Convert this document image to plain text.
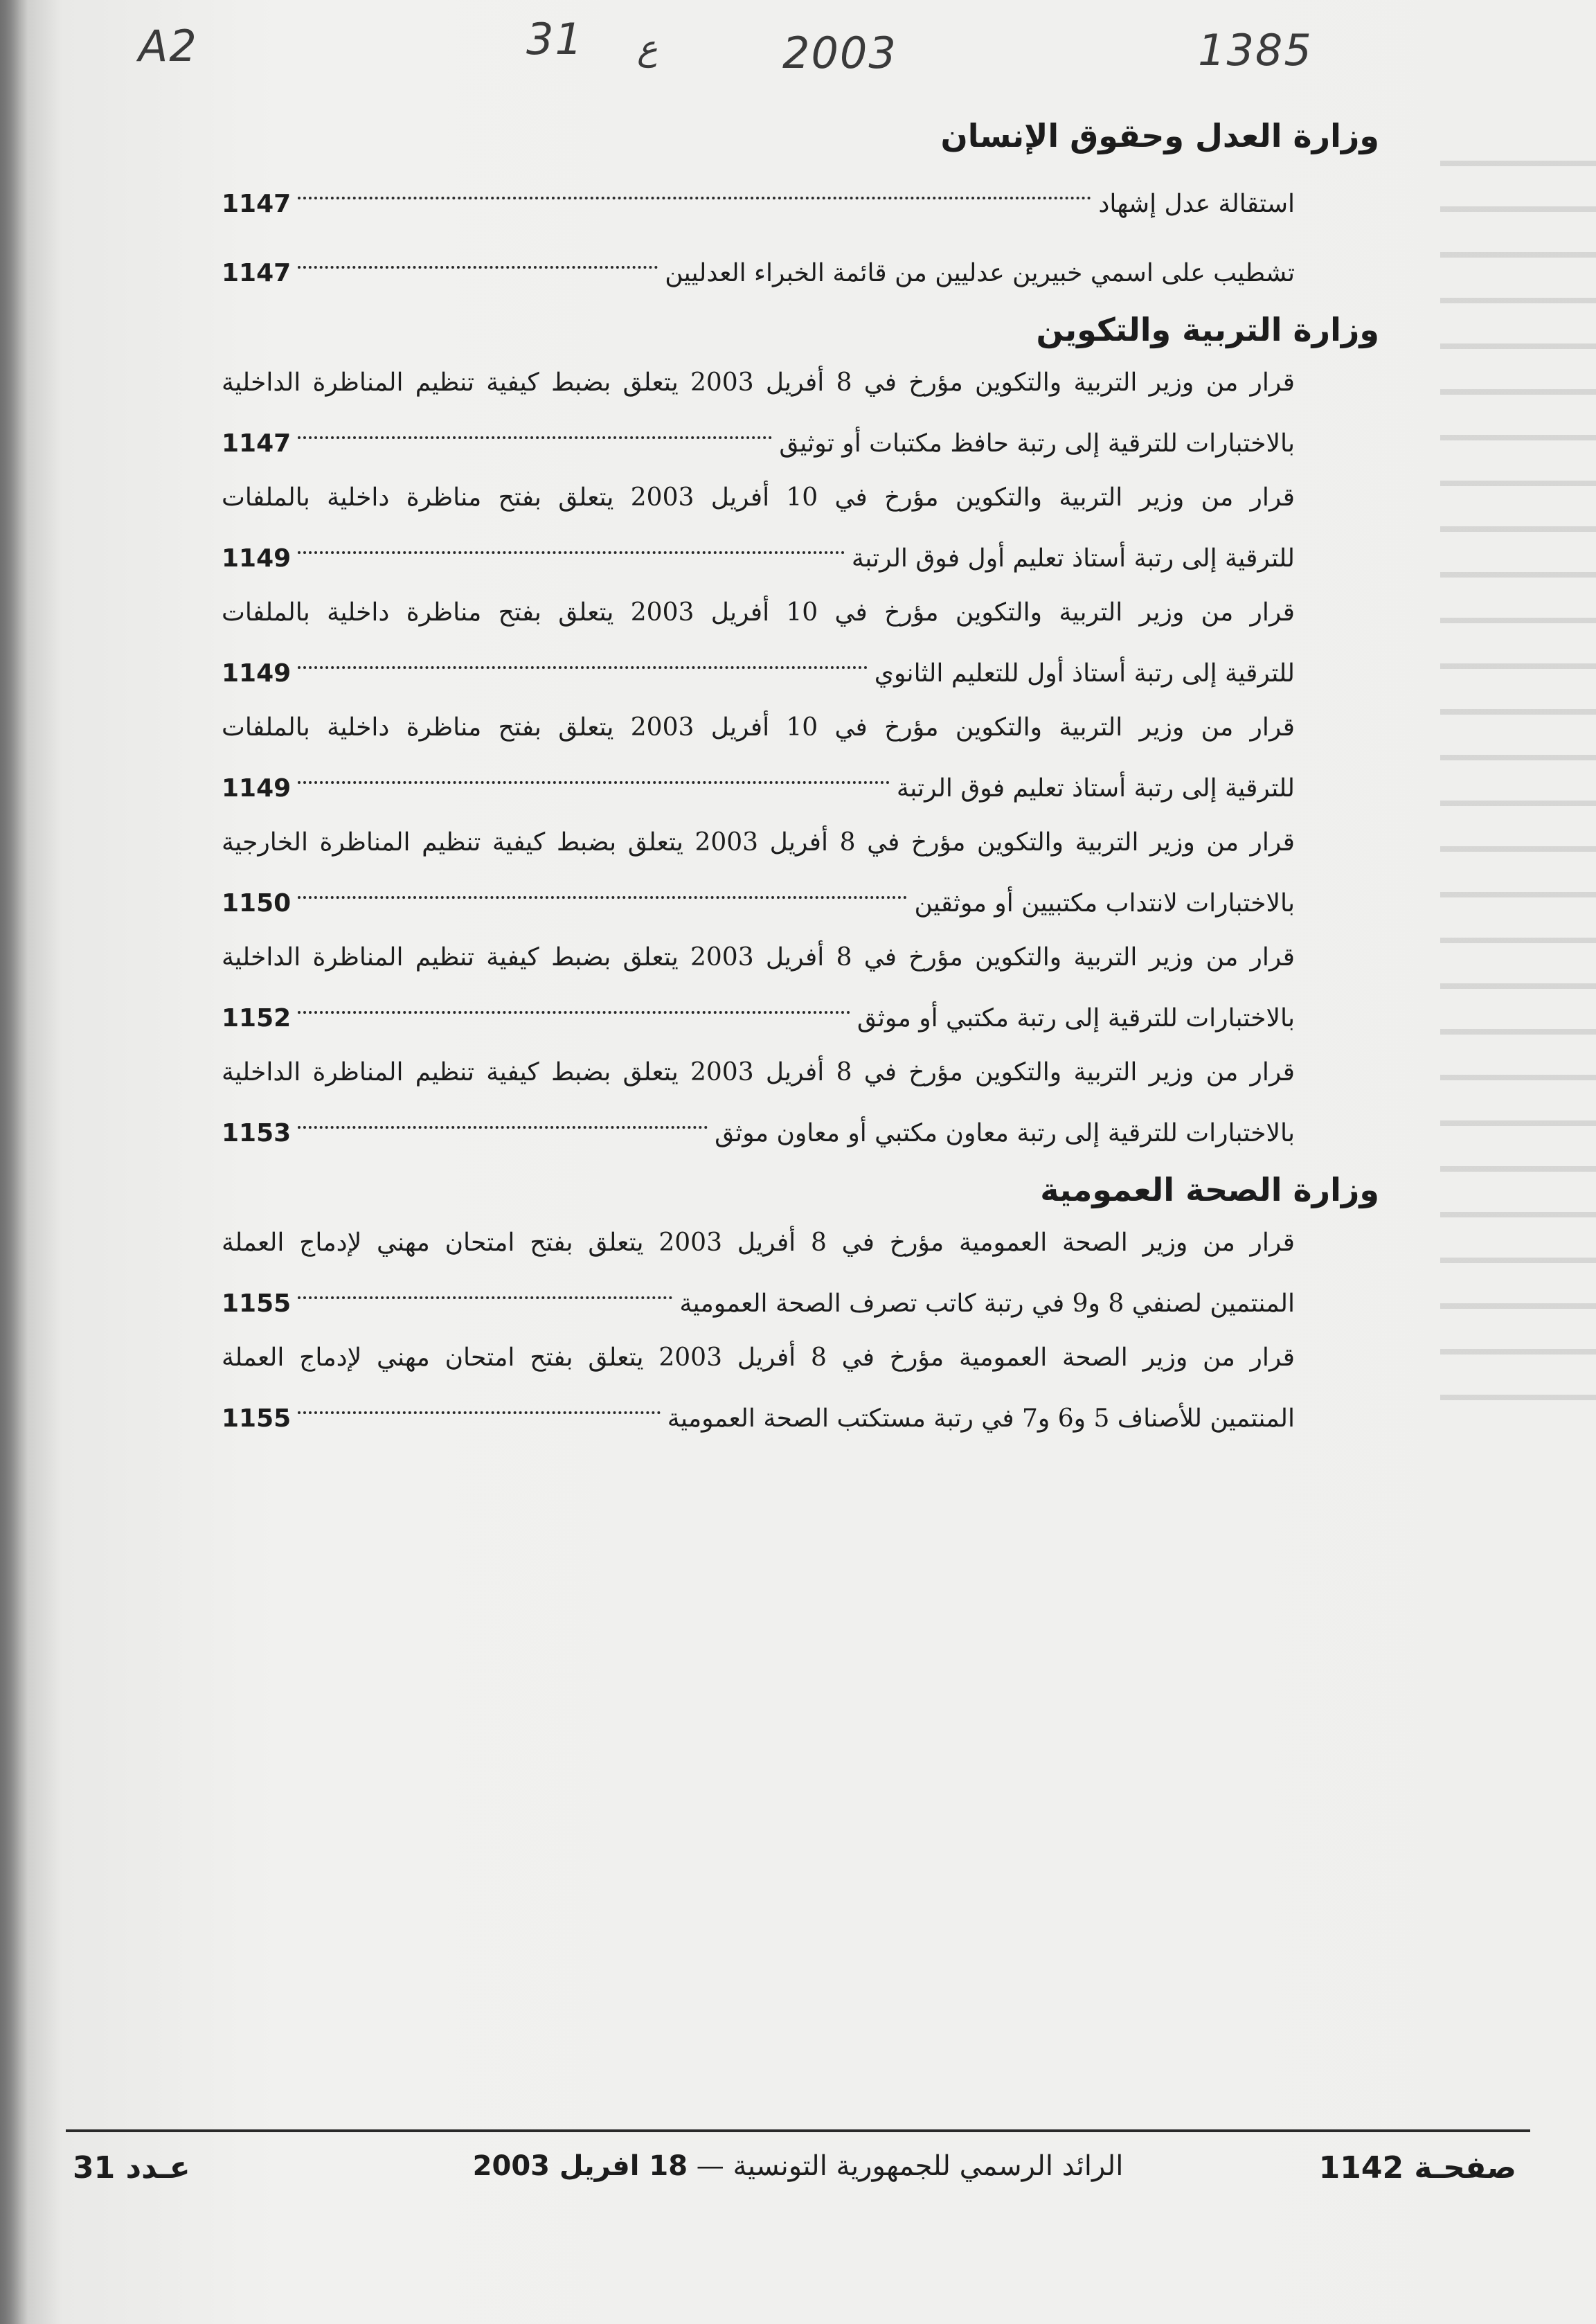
A2	31 ع	2003	1385
وزارة العدل وحقوق الإنسان
استقالة عدل إشهاد
1147
تشطيب على اسمي خبيرين عدليين من قائمة الخبراء العدليين
1147
وزارة التربية والتكوين
قرار من وزير التربية والتكوين مؤرخ في 8 أفريل 2003 يتعلق بضبط كيفية تنظيم المناظرة الداخلية
بالاختبارات للترقية إلى رتبة حافظ مكتبات أو توثيق
1147
قرار من وزير التربية والتكوين مؤرخ في 10 أفريل 2003 يتعلق بفتح مناظرة داخلية بالملفات
للترقية إلى رتبة أستاذ تعليم أول فوق الرتبة
1149
قرار من وزير التربية والتكوين مؤرخ في 10 أفريل 2003 يتعلق بفتح مناظرة داخلية بالملفات
للترقية إلى رتبة أستاذ أول للتعليم الثانوي
1149
قرار من وزير التربية والتكوين مؤرخ في 10 أفريل 2003 يتعلق بفتح مناظرة داخلية بالملفات
للترقية إلى رتبة أستاذ تعليم فوق الرتبة
1149
قرار من وزير التربية والتكوين مؤرخ في 8 أفريل 2003 يتعلق بضبط كيفية تنظيم المناظرة الخارجية
بالاختبارات لانتداب مكتبيين أو موثقين
1150
قرار من وزير التربية والتكوين مؤرخ في 8 أفريل 2003 يتعلق بضبط كيفية تنظيم المناظرة الداخلية
بالاختبارات للترقية إلى رتبة مكتبي أو موثق
1152
قرار من وزير التربية والتكوين مؤرخ في 8 أفريل 2003 يتعلق بضبط كيفية تنظيم المناظرة الداخلية
بالاختبارات للترقية إلى رتبة معاون مكتبي أو معاون موثق
1153
وزارة الصحة العمومية
قرار من وزير الصحة العمومية مؤرخ في 8 أفريل 2003 يتعلق بفتح امتحان مهني لإدماج العملة
المنتمين لصنفي 8 و9 في رتبة كاتب تصرف الصحة العمومية
1155
قرار من وزير الصحة العمومية مؤرخ في 8 أفريل 2003 يتعلق بفتح امتحان مهني لإدماج العملة
المنتمين للأصناف 5 و6 و7 في رتبة مستكتب الصحة العمومية
1155
صفحـة 1142
الرائد الرسمي للجمهورية التونسية — 18 افريل 2003
عـدد 31
